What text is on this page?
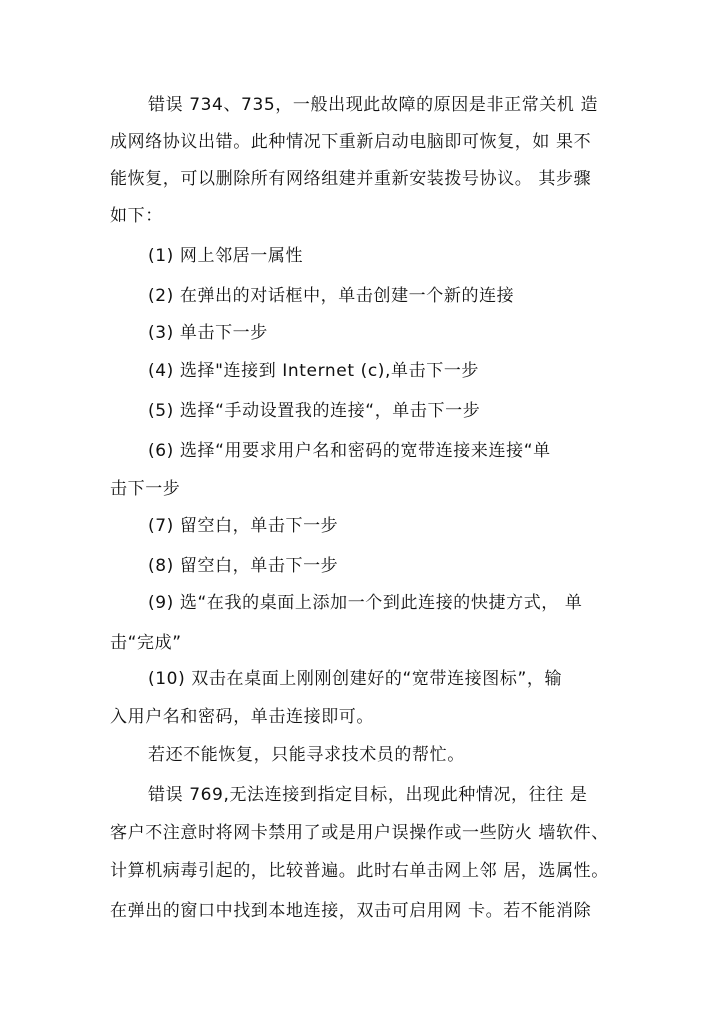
错误 734、735，一般出现此故障的原因是非正常关机 造
成网络协议出错。此种情况下重新启动电脑即可恢复，如 果不
能恢复，可以删除所有网络组建并重新安装拨号协议。 其步骤
如下：
(1) 网上邻居一属性
(2) 在弹出的对话框中，单击创建一个新的连接
(3) 单击下一步
(4) 选择"连接到 Internet (c),单击下一步
(5) 选择“手动设置我的连接“，单击下一步
(6) 选择“用要求用户名和密码的宽带连接来连接“单
击下一步
(7) 留空白，单击下一步
(8) 留空白，单击下一步
(9) 选“在我的桌面上添加一个到此连接的快捷方式， 单
击“完成”
(10) 双击在桌面上刚刚创建好的“宽带连接图标”，输
入用户名和密码，单击连接即可。
若还不能恢复，只能寻求技术员的帮忙。
错误 769,无法连接到指定目标，出现此种情况，往往 是
客户不注意时将网卡禁用了或是用户误操作或一些防火 墙软件、
计算机病毒引起的，比较普遍。此时右单击网上邻 居，选属性。
在弹出的窗口中找到本地连接，双击可启用网 卡。若不能消除
